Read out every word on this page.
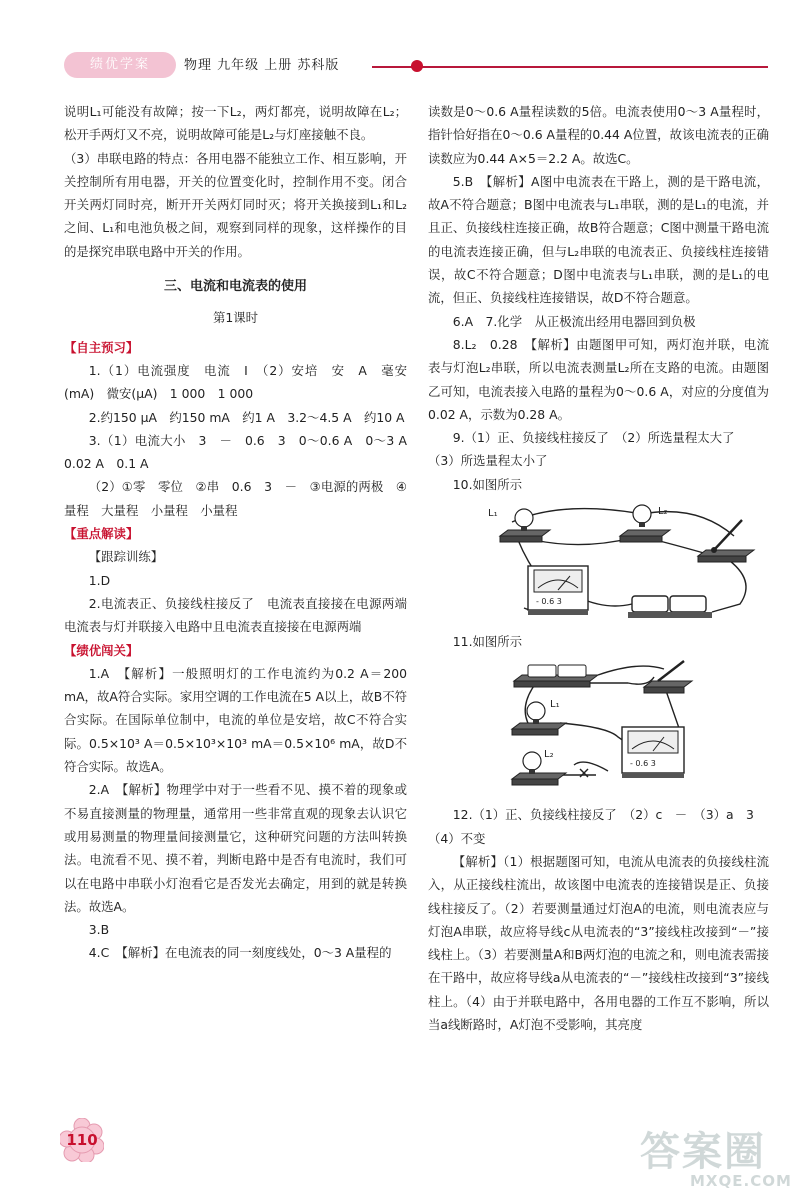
绩优学案	物理 九年级 上册 苏科版

说明L₁可能没有故障；按一下L₂，两灯都亮，说明故障在L₂；松开手两灯又不亮，说明故障可能是L₂与灯座接触不良。

（3）串联电路的特点：各用电器不能独立工作、相互影响，开关控制所有用电器，开关的位置变化时，控制作用不变。闭合开关两灯同时亮，断开开关两灯同时灭；将开关换接到L₁和L₂之间、L₁和电池负极之间，观察到同样的现象，这样操作的目的是探究串联电路中开关的作用。

三、电流和电流表的使用

第1课时

【自主预习】

1.（1）电流强度　电流　I　（2）安培　安　A　毫安(mA)　微安(μA)　1 000　1 000

2.约150 μA　约150 mA　约1 A　3.2～4.5 A　约10 A

3.（1）电流大小　3　－　0.6　3　0～0.6 A　0～3 A　0.02 A　0.1 A

（2）①零　零位　②串　0.6　3　－　③电源的两极　④量程　大量程　小量程　小量程

【重点解读】

【跟踪训练】

1.D

2.电流表正、负接线柱接反了　电流表直接接在电源两端　电流表与灯并联接入电路中且电流表直接接在电源两端

【绩优闯关】

1.A　【解析】一般照明灯的工作电流约为0.2 A＝200 mA，故A符合实际。家用空调的工作电流在5 A以上，故B不符合实际。在国际单位制中，电流的单位是安培，故C不符合实际。0.5×10³ A＝0.5×10³×10³ mA＝0.5×10⁶ mA，故D不符合实际。故选A。

2.A　【解析】物理学中对于一些看不见、摸不着的现象或不易直接测量的物理量，通常用一些非常直观的现象去认识它或用易测量的物理量间接测量它，这种研究问题的方法叫转换法。电流看不见、摸不着，判断电路中是否有电流时，我们可以在电路中串联小灯泡看它是否发光去确定，用到的就是转换法。故选A。

3.B

4.C　【解析】在电流表的同一刻度线处，0～3 A量程的

读数是0～0.6 A量程读数的5倍。电流表使用0～3 A量程时，指针恰好指在0～0.6 A量程的0.44 A位置，故该电流表的正确读数应为0.44 A×5＝2.2 A。故选C。

5.B　【解析】A图中电流表在干路上，测的是干路电流，故A不符合题意；B图中电流表与L₁串联，测的是L₁的电流，并且正、负接线柱连接正确，故B符合题意；C图中测量干路电流的电流表连接正确，但与L₂串联的电流表正、负接线柱连接错误，故C不符合题意；D图中电流表与L₁串联，测的是L₁的电流，但正、负接线柱连接错误，故D不符合题意。

6.A　7.化学　从正极流出经用电器回到负极

8.L₂　0.28　【解析】由题图甲可知，两灯泡并联，电流表与灯泡L₂串联，所以电流表测量L₂所在支路的电流。由题图乙可知，电流表接入电路的量程为0～0.6 A，对应的分度值为0.02 A，示数为0.28 A。

9.（1）正、负接线柱接反了　（2）所选量程太大了

（3）所选量程太小了

10.如图所示

L₁	L₂
- 0.6 3

11.如图所示

L₁
L₂
- 0.6 3

12.（1）正、负接线柱接反了　（2）c　－　（3）a　3

（4）不变

【解析】（1）根据题图可知，电流从电流表的负接线柱流入，从正接线柱流出，故该图中电流表的连接错误是正、负接线柱接反了。（2）若要测量通过灯泡A的电流，则电流表应与灯泡A串联，故应将导线c从电流表的“3”接线柱改接到“－”接线柱上。（3）若要测量A和B两灯泡的电流之和，则电流表需接在干路中，故应将导线a从电流表的“－”接线柱改接到“3”接线柱上。（4）由于并联电路中，各用电器的工作互不影响，所以当a线断路时，A灯泡不受影响，其亮度

110	答案圈
MXQE.COM
